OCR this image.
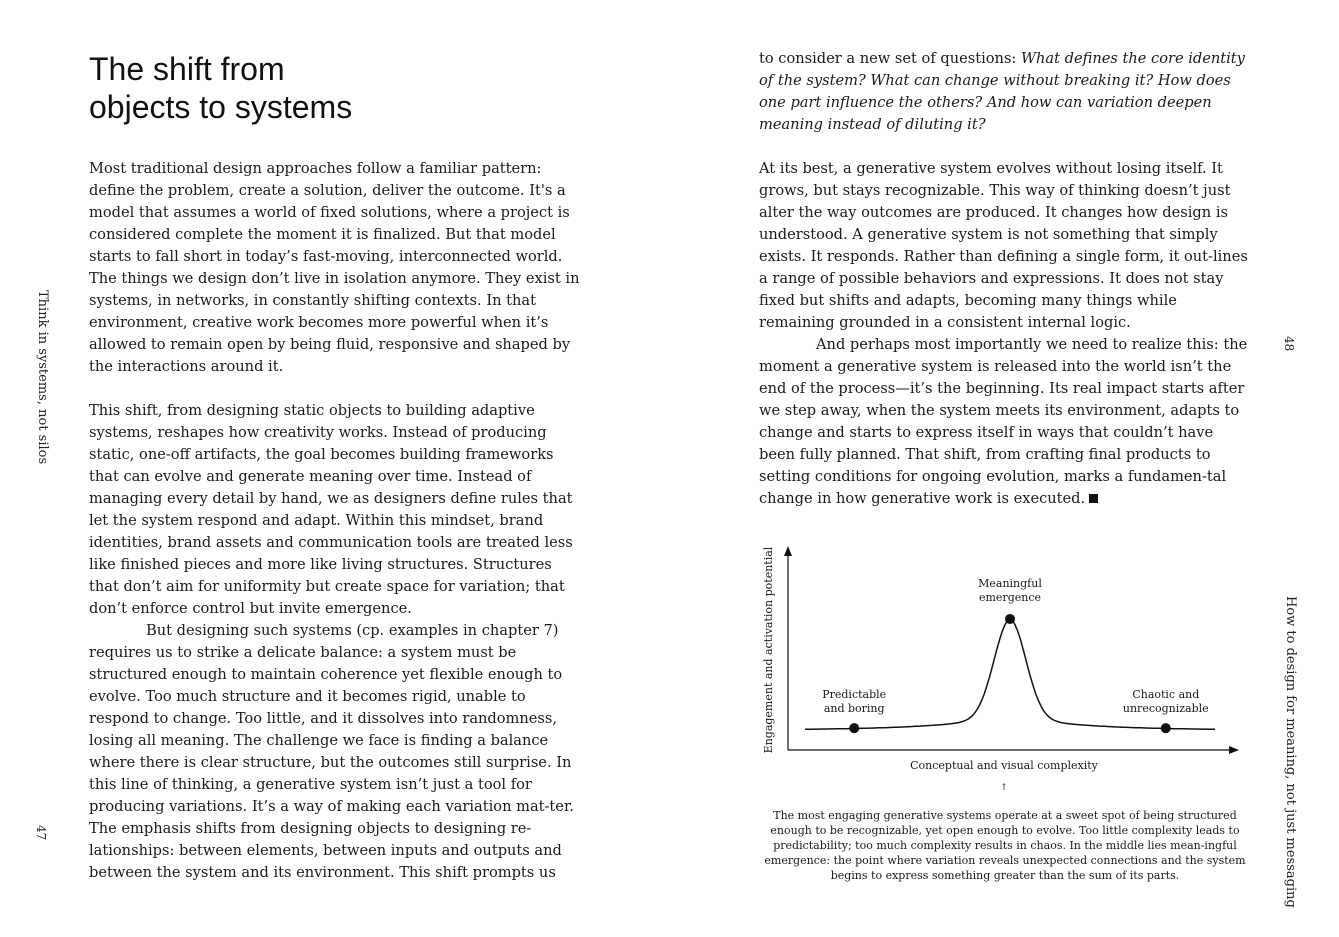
The shift from
objects to systems

Most traditional design approaches follow a familiar pattern: define the problem, create a solution, deliver the outcome. It's a model that assumes a world of fixed solutions, where a project is considered complete the moment it is finalized. But that model starts to fall short in today’s fast-moving, interconnected world. The things we design don’t live in isolation anymore. They exist in systems, in networks, in constantly shifting contexts. In that environment, creative work becomes more powerful when it’s allowed to remain open by being fluid, responsive and shaped by the interactions around it.

This shift, from designing static objects to building adaptive systems, reshapes how creativity works. Instead of producing static, one-off artifacts, the goal becomes building frameworks that can evolve and generate meaning over time. Instead of managing every detail by hand, we as designers define rules that let the system respond and adapt. Within this mindset, brand identities, brand assets and communication tools are treated less like finished pieces and more like living structures. Structures that don’t aim for uniformity but create space for variation; that don’t enforce control but invite emergence.

But designing such systems (cp. examples in chapter 7) requires us to strike a delicate balance: a system must be structured enough to maintain coherence yet flexible enough to evolve. Too much structure and it becomes rigid, unable to respond to change. Too little, and it dissolves into randomness, losing all meaning. The challenge we face is finding a balance where there is clear structure, but the outcomes still surprise. In this line of thinking, a generative system isn’t just a tool for producing variations. It’s a way of making each variation mat-ter. The emphasis shifts from designing objects to designing re-lationships: between elements, between inputs and outputs and between the system and its environment. This shift prompts us

Think in systems, not silos
47

to consider a new set of questions: What defines the core identity of the system? What can change without breaking it? How does one part influence the others? And how can variation deepen meaning instead of diluting it?

At its best, a generative system evolves without losing itself. It grows, but stays recognizable. This way of thinking doesn’t just alter the way outcomes are produced. It changes how design is understood. A generative system is not something that simply exists. It responds. Rather than defining a single form, it out-lines a range of possible behaviors and expressions. It does not stay fixed but shifts and adapts, becoming many things while remaining grounded in a consistent internal logic.

And perhaps most importantly we need to realize this: the moment a generative system is released into the world isn’t the end of the process—it’s the beginning. Its real impact starts after we step away, when the system meets its environment, adapts to change and starts to express itself in ways that couldn’t have been fully planned. That shift, from crafting final products to setting conditions for ongoing evolution, marks a fundamen-tal change in how generative work is executed.

How to design for meaning, not just messaging
48
Engagement and activation potential
Conceptual and visual complexity
↑
Predictable
and boring
Meaningful
emergence
Chaotic and
unrecognizable

The most engaging generative systems operate at a sweet spot of being structured enough to be recognizable, yet open enough to evolve. Too little complexity leads to predictability; too much complexity results in chaos. In the middle lies mean-ingful emergence: the point where variation reveals unexpected connections and the system begins to express something greater than the sum of its parts.
